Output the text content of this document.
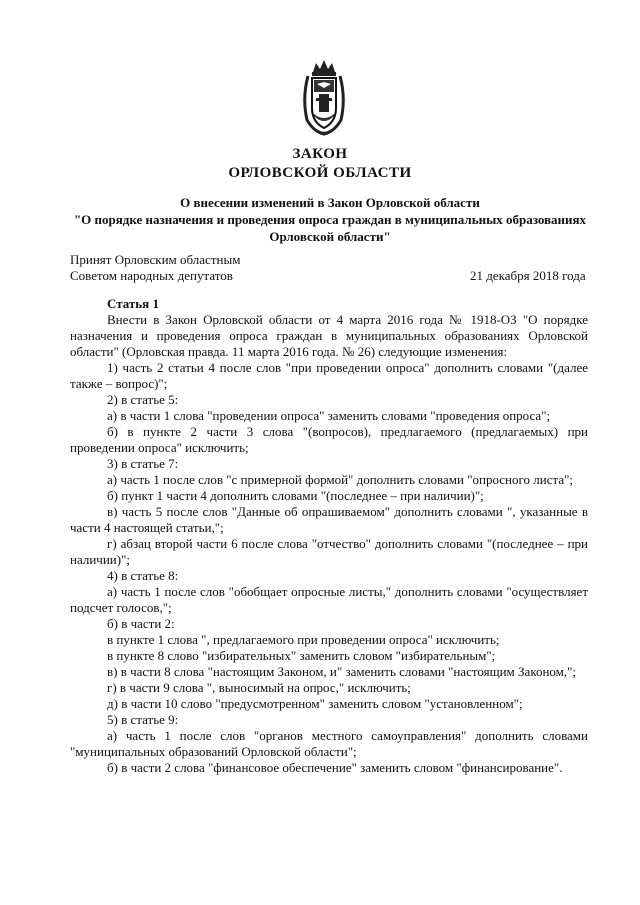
ЗАКОН
ОРЛОВСКОЙ ОБЛАСТИ
О внесении изменений в Закон Орловской области
"О порядке назначения и проведения опроса граждан в муниципальных образованиях
Орловской области"
Принят Орловским областным
Советом народных депутатов	21 декабря 2018 года
Статья 1

Внести в Закон Орловской области от 4 марта 2016 года № 1918-ОЗ "О порядке назначения и проведения опроса граждан в муниципальных образованиях Орловской области" (Орловская правда. 11 марта 2016 года. № 26) следующие изменения:

1) часть 2 статьи 4 после слов "при проведении опроса" дополнить словами "(далее также – вопрос)";

2) в статье 5:

а) в части 1 слова "проведении опроса" заменить словами "проведения опроса";

б) в пункте 2 части 3 слова "(вопросов), предлагаемого (предлагаемых) при проведении опроса" исключить;

3) в статье 7:

а) часть 1 после слов "с примерной формой" дополнить словами "опросного листа";

б) пункт 1 части 4 дополнить словами "(последнее – при наличии)";

в) часть 5 после слов "Данные об опрашиваемом" дополнить словами ", указанные в части 4 настоящей статьи,";

г) абзац второй части 6 после слова "отчество" дополнить словами "(последнее – при наличии)";

4) в статье 8:

а) часть 1 после слов "обобщает опросные листы," дополнить словами "осуществляет подсчет голосов,";

б) в части 2:

в пункте 1 слова ", предлагаемого при проведении опроса" исключить;

в пункте 8 слово "избирательных" заменить словом "избирательным";

в) в части 8 слова "настоящим Законом, и" заменить словами "настоящим Законом,";

г) в части 9 слова ", выносимый на опрос," исключить;

д) в части 10 слово "предусмотренном" заменить словом "установленном";

5) в статье 9:

а) часть 1 после слов "органов местного самоуправления" дополнить словами "муниципальных образований Орловской области";

б) в части 2 слова "финансовое обеспечение" заменить словом "финансирование".
